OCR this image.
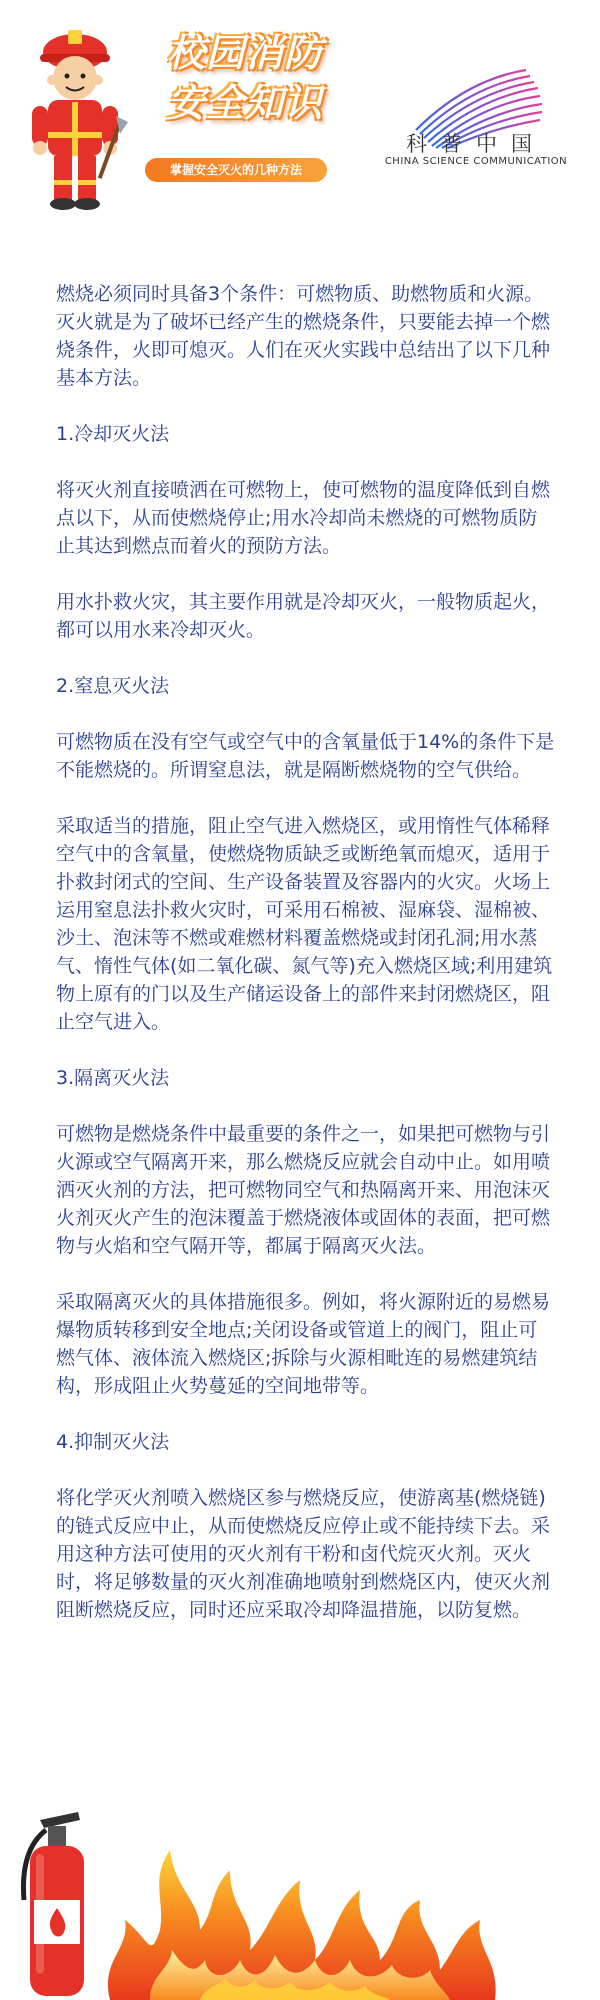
校园消防
安全知识
掌握安全灭火的几种方法
科普中国
CHINA SCIENCE COMMUNICATION

燃烧必须同时具备3个条件：可燃物质、助燃物质和火源。灭火就是为了破坏已经产生的燃烧条件，只要能去掉一个燃烧条件，火即可熄灭。人们在灭火实践中总结出了以下几种基本方法。

1.冷却灭火法

将灭火剂直接喷洒在可燃物上，使可燃物的温度降低到自燃点以下，从而使燃烧停止;用水冷却尚未燃烧的可燃物质防止其达到燃点而着火的预防方法。

用水扑救火灾，其主要作用就是冷却灭火，一般物质起火，都可以用水来冷却灭火。

2.窒息灭火法

可燃物质在没有空气或空气中的含氧量低于14%的条件下是不能燃烧的。所谓窒息法，就是隔断燃烧物的空气供给。

采取适当的措施，阻止空气进入燃烧区，或用惰性气体稀释空气中的含氧量，使燃烧物质缺乏或断绝氧而熄灭，适用于扑救封闭式的空间、生产设备装置及容器内的火灾。火场上运用窒息法扑救火灾时，可采用石棉被、湿麻袋、湿棉被、沙土、泡沫等不燃或难燃材料覆盖燃烧或封闭孔洞;用水蒸气、惰性气体(如二氧化碳、氮气等)充入燃烧区域;利用建筑物上原有的门以及生产储运设备上的部件来封闭燃烧区，阻止空气进入。

3.隔离灭火法

可燃物是燃烧条件中最重要的条件之一，如果把可燃物与引火源或空气隔离开来，那么燃烧反应就会自动中止。如用喷洒灭火剂的方法，把可燃物同空气和热隔离开来、用泡沫灭火剂灭火产生的泡沫覆盖于燃烧液体或固体的表面，把可燃物与火焰和空气隔开等，都属于隔离灭火法。

采取隔离灭火的具体措施很多。例如，将火源附近的易燃易爆物质转移到安全地点;关闭设备或管道上的阀门，阻止可燃气体、液体流入燃烧区;拆除与火源相毗连的易燃建筑结构，形成阻止火势蔓延的空间地带等。

4.抑制灭火法

将化学灭火剂喷入燃烧区参与燃烧反应，使游离基(燃烧链)的链式反应中止，从而使燃烧反应停止或不能持续下去。采用这种方法可使用的灭火剂有干粉和卤代烷灭火剂。灭火时，将足够数量的灭火剂准确地喷射到燃烧区内，使灭火剂阻断燃烧反应，同时还应采取冷却降温措施，以防复燃。
